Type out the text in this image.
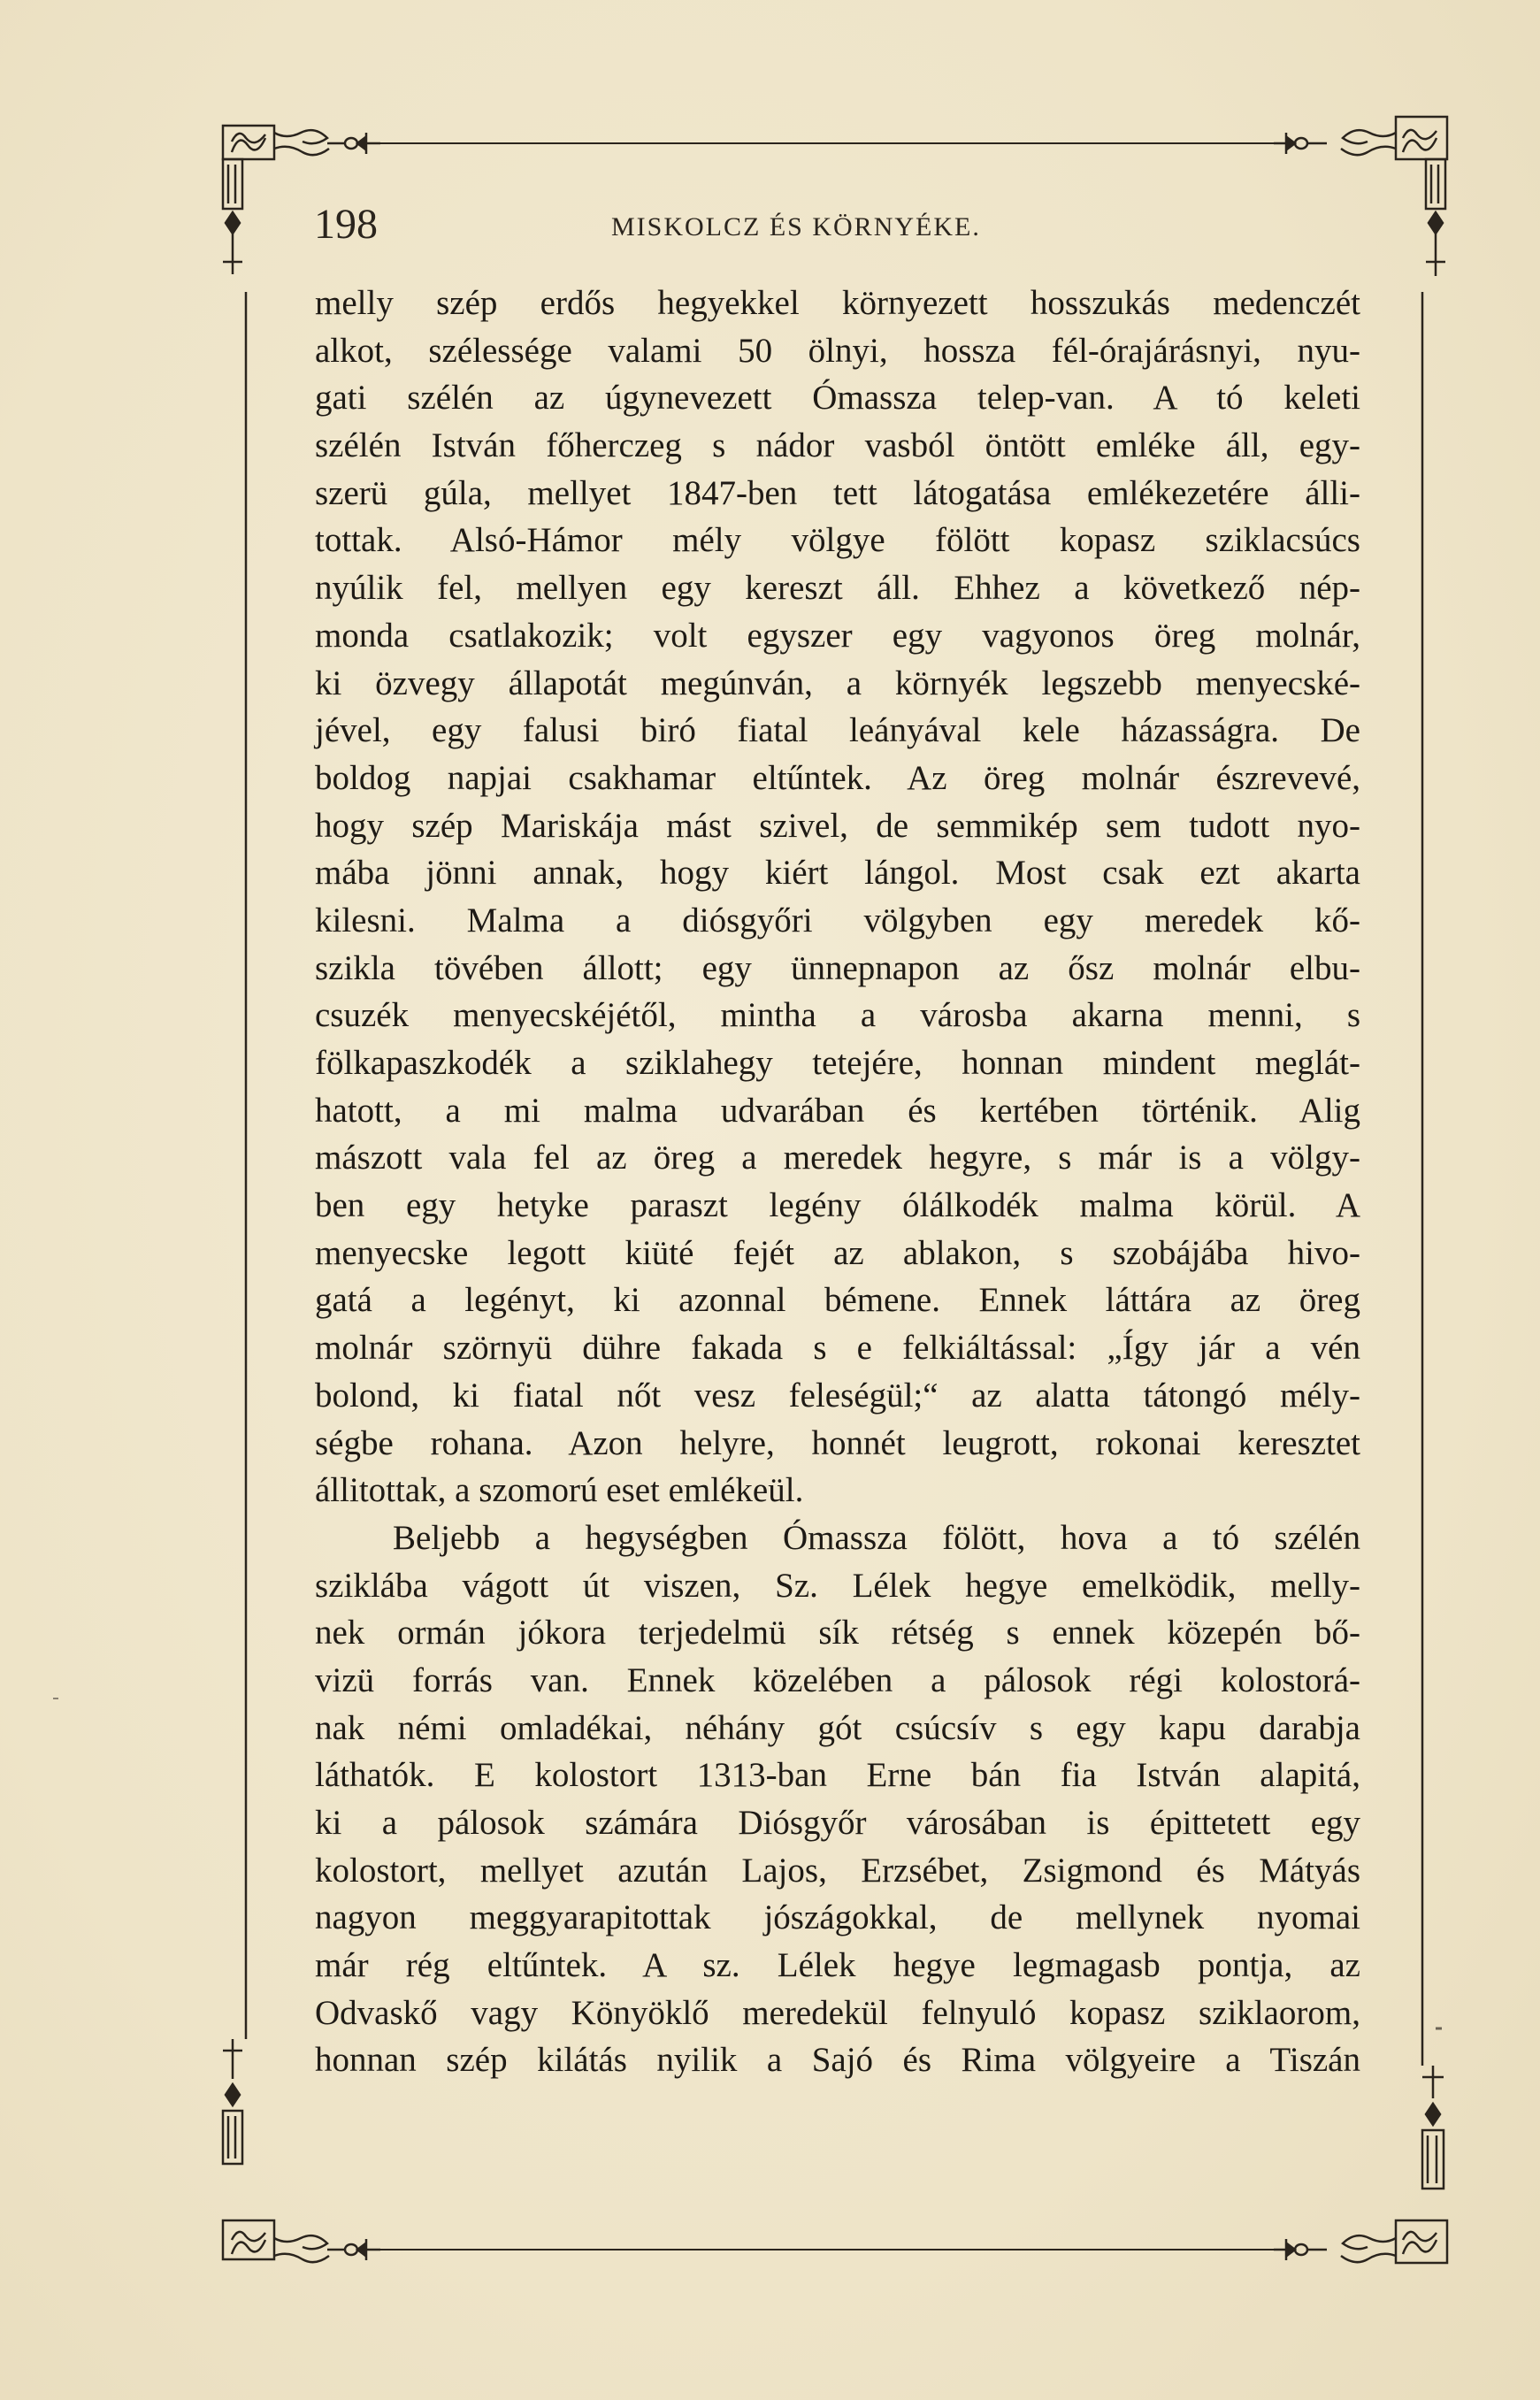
198	MISKOLCZ ÉS KÖRNYÉKE.
melly szép erdős hegyekkel környezett hosszukás medenczét
alkot, szélessége valami 50 ölnyi, hossza fél-órajárásnyi, nyu-
gati szélén az úgynevezett Ómassza telep-van. A tó keleti
szélén István főherczeg s nádor vasból öntött emléke áll, egy-
szerü gúla, mellyet 1847-ben tett látogatása emlékezetére álli-
tottak. Alsó-Hámor mély völgye fölött kopasz sziklacsúcs
nyúlik fel, mellyen egy kereszt áll. Ehhez a következő nép-
monda csatlakozik; volt egyszer egy vagyonos öreg molnár,
ki özvegy állapotát megúnván, a környék legszebb menyecské-
jével, egy falusi biró fiatal leányával kele házasságra. De
boldog napjai csakhamar eltűntek. Az öreg molnár észrevevé,
hogy szép Mariskája mást szivel, de semmikép sem tudott nyo-
mába jönni annak, hogy kiért lángol. Most csak ezt akarta
kilesni. Malma a diósgyőri völgyben egy meredek kő-
szikla tövében állott; egy ünnepnapon az ősz molnár elbu-
csuzék menyecskéjétől, mintha a városba akarna menni, s
fölkapaszkodék a sziklahegy tetejére, honnan mindent meglát-
hatott, a mi malma udvarában és kertében történik. Alig
mászott vala fel az öreg a meredek hegyre, s már is a völgy-
ben egy hetyke paraszt legény ólálkodék malma körül. A
menyecske legott kiüté fejét az ablakon, s szobájába hivo-
gatá a legényt, ki azonnal bémene. Ennek láttára az öreg
molnár szörnyü dühre fakada s e felkiáltással: „Így jár a vén
bolond, ki fiatal nőt vesz feleségül;“ az alatta tátongó mély-
ségbe rohana. Azon helyre, honnét leugrott, rokonai keresztet
állitottak, a szomorú eset emlékeül.
Beljebb a hegységben Ómassza fölött, hova a tó szélén
sziklába vágott út viszen, Sz. Lélek hegye emelködik, melly-
nek ormán jókora terjedelmü sík rétség s ennek közepén bő-
vizü forrás van. Ennek közelében a pálosok régi kolostorá-
nak némi omladékai, néhány gót csúcsív s egy kapu darabja
láthatók. E kolostort 1313-ban Erne bán fia István alapitá,
ki a pálosok számára Diósgyőr városában is épittetett egy
kolostort, mellyet azután Lajos, Erzsébet, Zsigmond és Mátyás
nagyon meggyarapitottak jószágokkal, de mellynek nyomai
már rég eltűntek. A sz. Lélek hegye legmagasb pontja, az
Odvaskő vagy Könyöklő meredekül felnyuló kopasz sziklaorom,
honnan szép kilátás nyilik a Sajó és Rima völgyeire a Tiszán
